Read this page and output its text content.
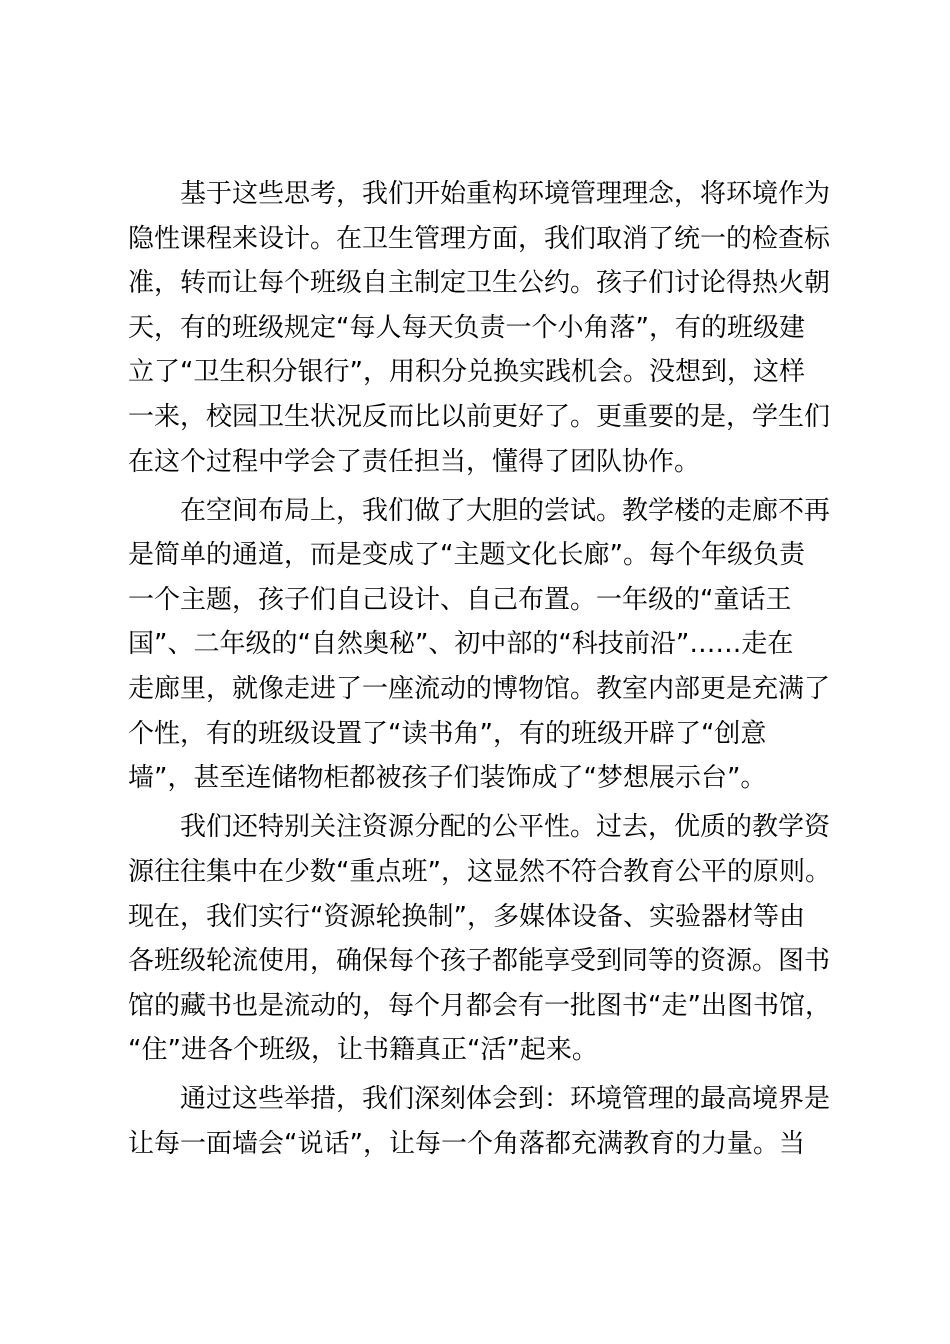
基于这些思考，我们开始重构环境管理理念，将环境作为
隐性课程来设计。在卫生管理方面，我们取消了统一的检查标
准，转而让每个班级自主制定卫生公约。孩子们讨论得热火朝
天，有的班级规定“每人每天负责一个小角落”，有的班级建
立了“卫生积分银行”，用积分兑换实践机会。没想到，这样
一来，校园卫生状况反而比以前更好了。更重要的是，学生们
在这个过程中学会了责任担当，懂得了团队协作。
在空间布局上，我们做了大胆的尝试。教学楼的走廊不再
是简单的通道，而是变成了“主题文化长廊”。每个年级负责
一个主题，孩子们自己设计、自己布置。一年级的“童话王
国”、二年级的“自然奥秘”、初中部的“科技前沿”……走在
走廊里，就像走进了一座流动的博物馆。教室内部更是充满了
个性，有的班级设置了“读书角”，有的班级开辟了“创意
墙”，甚至连储物柜都被孩子们装饰成了“梦想展示台”。
我们还特别关注资源分配的公平性。过去，优质的教学资
源往往集中在少数“重点班”，这显然不符合教育公平的原则。
现在，我们实行“资源轮换制”，多媒体设备、实验器材等由
各班级轮流使用，确保每个孩子都能享受到同等的资源。图书
馆的藏书也是流动的，每个月都会有一批图书“走”出图书馆，
“住”进各个班级，让书籍真正“活”起来。
通过这些举措，我们深刻体会到：环境管理的最高境界是
让每一面墙会“说话”，让每一个角落都充满教育的力量。当
